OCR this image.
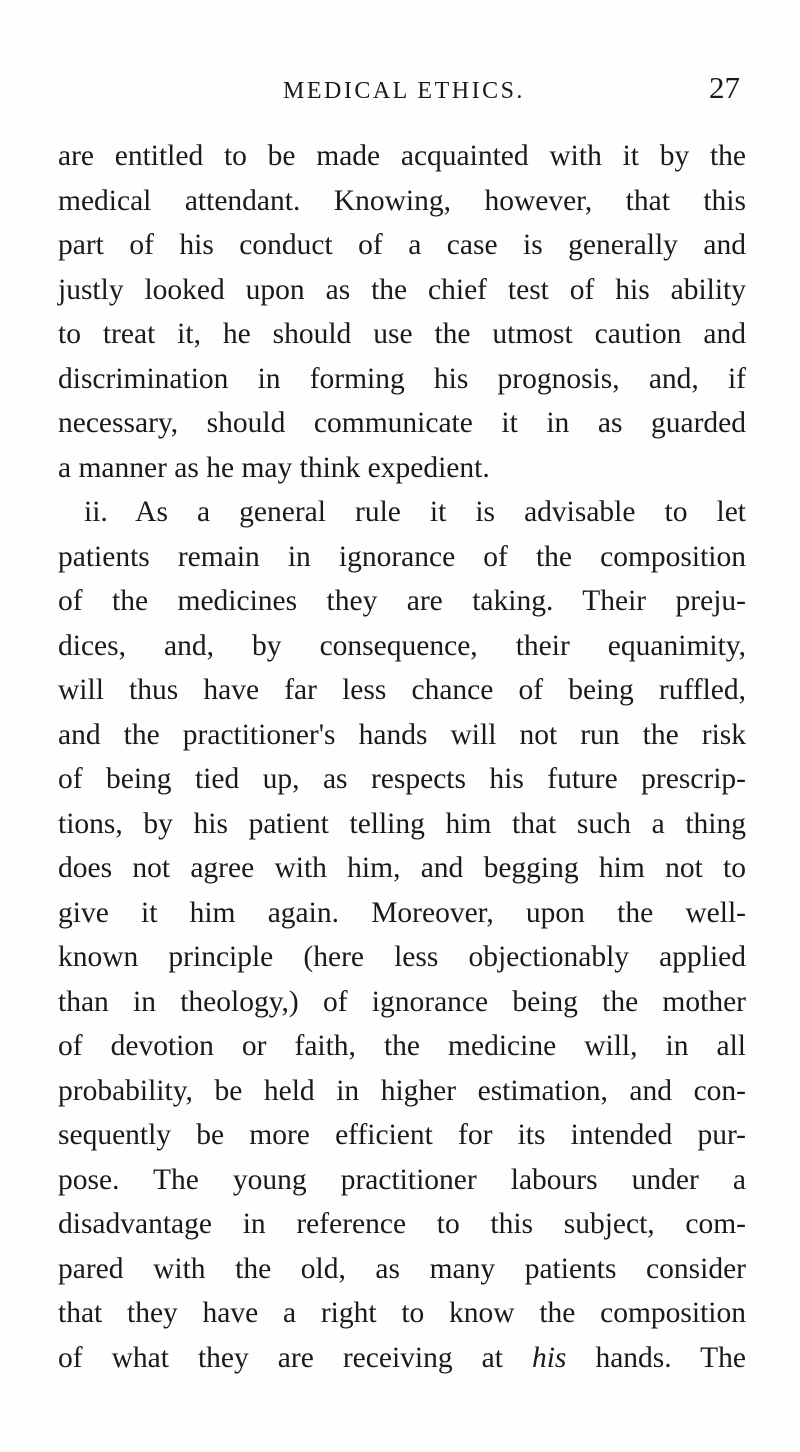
MEDICAL ETHICS.	27
are entitled to be made acquainted with it by the
medical attendant. Knowing, however, that this
part of his conduct of a case is generally and
justly looked upon as the chief test of his ability
to treat it, he should use the utmost caution and
discrimination in forming his prognosis, and, if
necessary, should communicate it in as guarded
a manner as he may think expedient.
ii. As a general rule it is advisable to let
patients remain in ignorance of the composition
of the medicines they are taking. Their preju-
dices, and, by consequence, their equanimity,
will thus have far less chance of being ruffled,
and the practitioner's hands will not run the risk
of being tied up, as respects his future prescrip-
tions, by his patient telling him that such a thing
does not agree with him, and begging him not to
give it him again. Moreover, upon the well-
known principle (here less objectionably applied
than in theology,) of ignorance being the mother
of devotion or faith, the medicine will, in all
probability, be held in higher estimation, and con-
sequently be more efficient for its intended pur-
pose. The young practitioner labours under a
disadvantage in reference to this subject, com-
pared with the old, as many patients consider
that they have a right to know the composition
of what they are receiving at his hands. The
